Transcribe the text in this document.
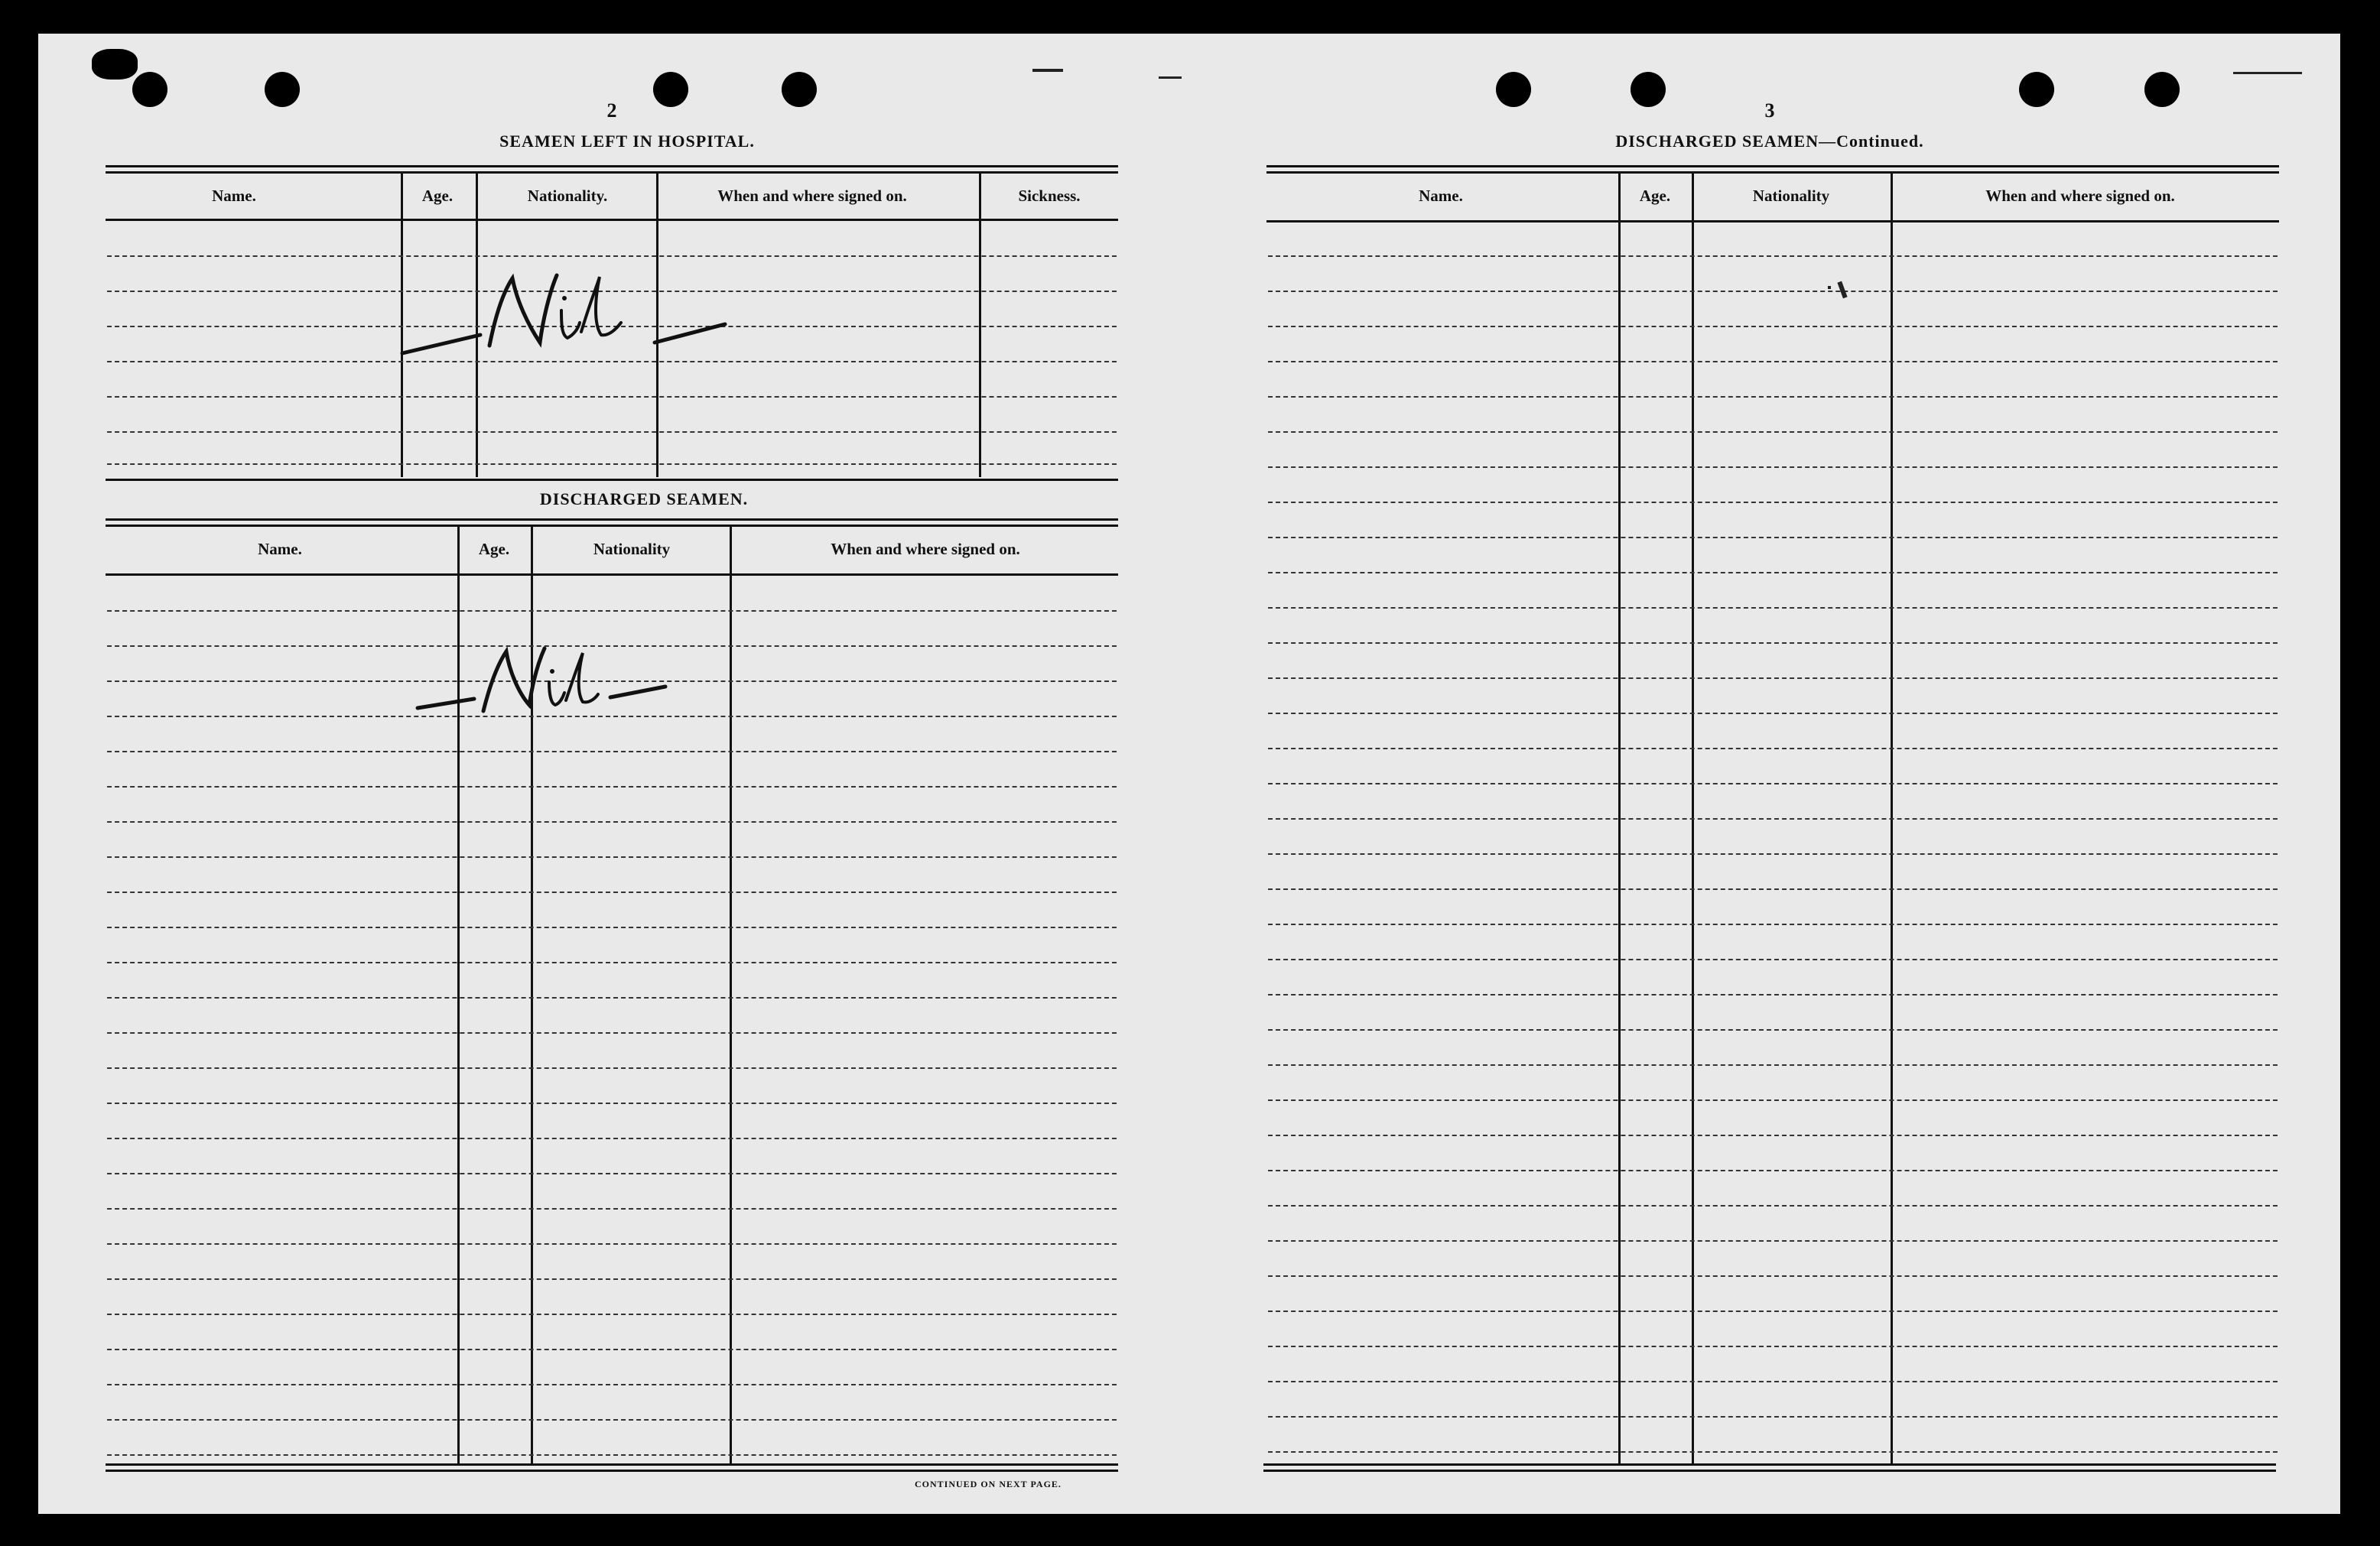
2
SEAMEN LEFT IN HOSPITAL.
Name.	Age.	Nationality.	When and where signed on.	Sickness.
Nil
DISCHARGED SEAMEN.
Name.	Age.	Nationality	When and where signed on.
Nil
CONTINUED ON NEXT PAGE.
3
DISCHARGED SEAMEN—Continued.
Name.	Age.	Nationality	When and where signed on.
